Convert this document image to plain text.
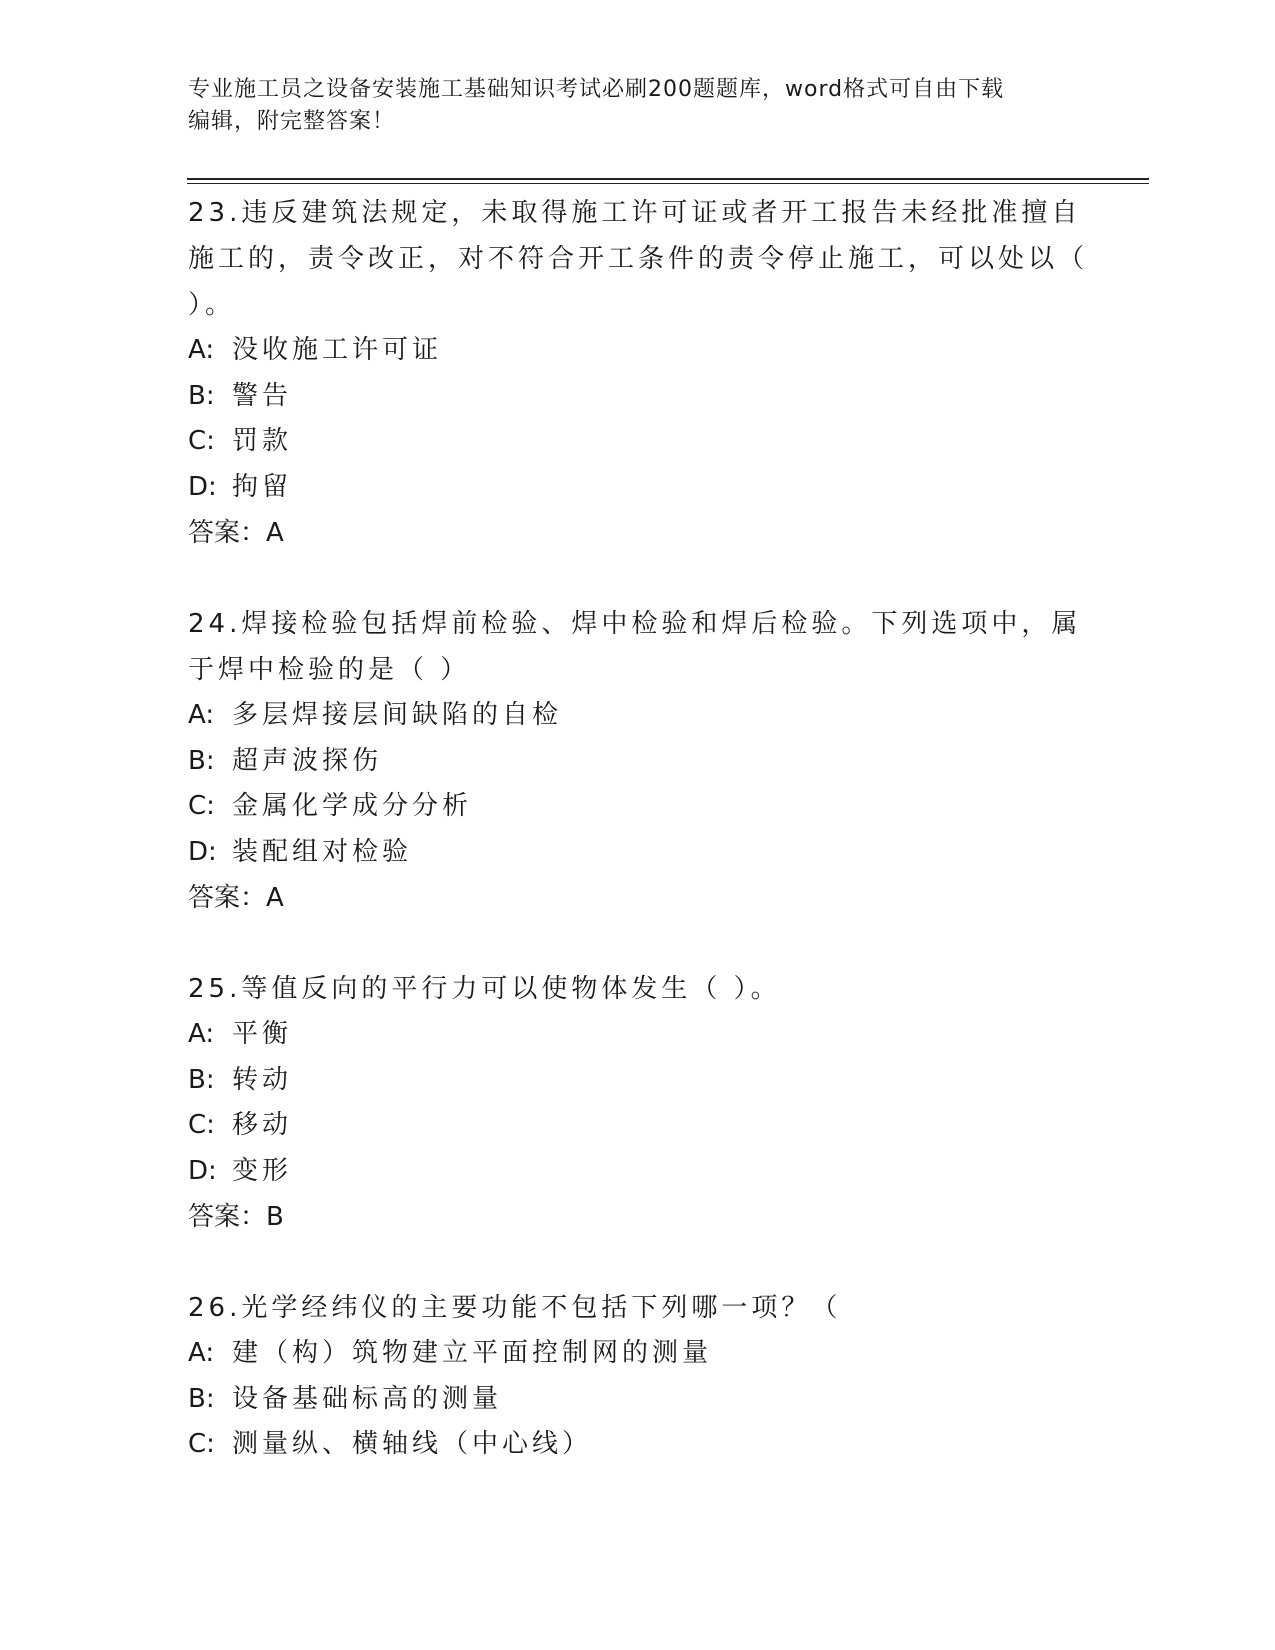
专业施工员之设备安装施工基础知识考试必刷200题题库，word格式可自由下载
编辑，附完整答案！

23.违反建筑法规定，未取得施工许可证或者开工报告未经批准擅自施工的，责令改正，对不符合开工条件的责令停止施工，可以处以（ ）。

A: 没收施工许可证

B: 警告

C: 罚款

D: 拘留

答案：A

24.焊接检验包括焊前检验、焊中检验和焊后检验。下列选项中，属于焊中检验的是（ ）

A: 多层焊接层间缺陷的自检

B: 超声波探伤

C: 金属化学成分分析

D: 装配组对检验

答案：A

25.等值反向的平行力可以使物体发生（ ）。

A: 平衡

B: 转动

C: 移动

D: 变形

答案：B

26.光学经纬仪的主要功能不包括下列哪一项？（

A: 建（构）筑物建立平面控制网的测量

B: 设备基础标高的测量

C: 测量纵、横轴线（中心线）
